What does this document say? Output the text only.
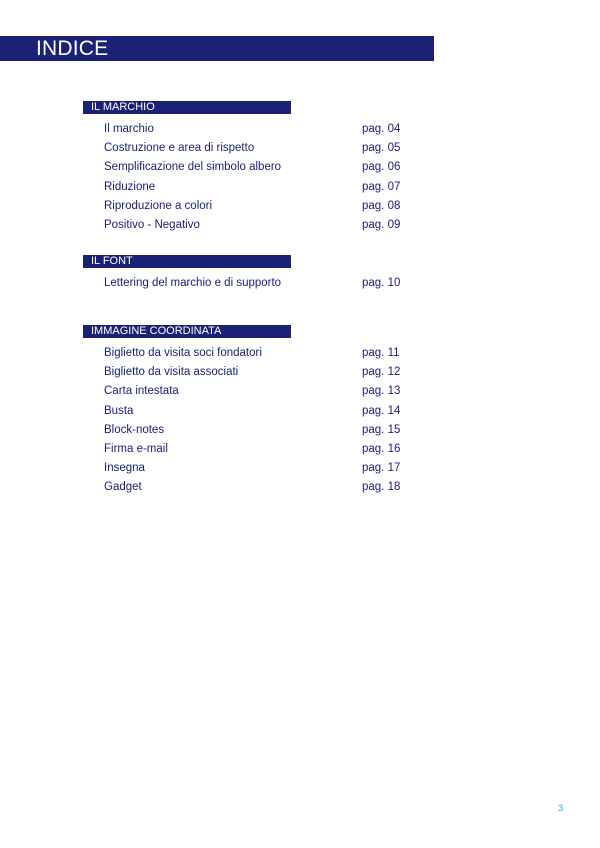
INDICE
IL MARCHIO
Il marchio	pag. 04
Costruzione e area di rispetto	pag. 05
Semplificazione del simbolo albero	pag. 06
Riduzione	pag. 07
Riproduzione a colori	pag. 08
Positivo - Negativo	pag. 09
IL FONT
Lettering del marchio e di supporto	pag. 10
IMMAGINE COORDINATA
Biglietto da visita soci fondatori	pag. 11
Biglietto da visita associati	pag. 12
Carta intestata	pag. 13
Busta	pag. 14
Block-notes	pag. 15
Firma e-mail	pag. 16
Insegna	pag. 17
Gadget	pag. 18
3
